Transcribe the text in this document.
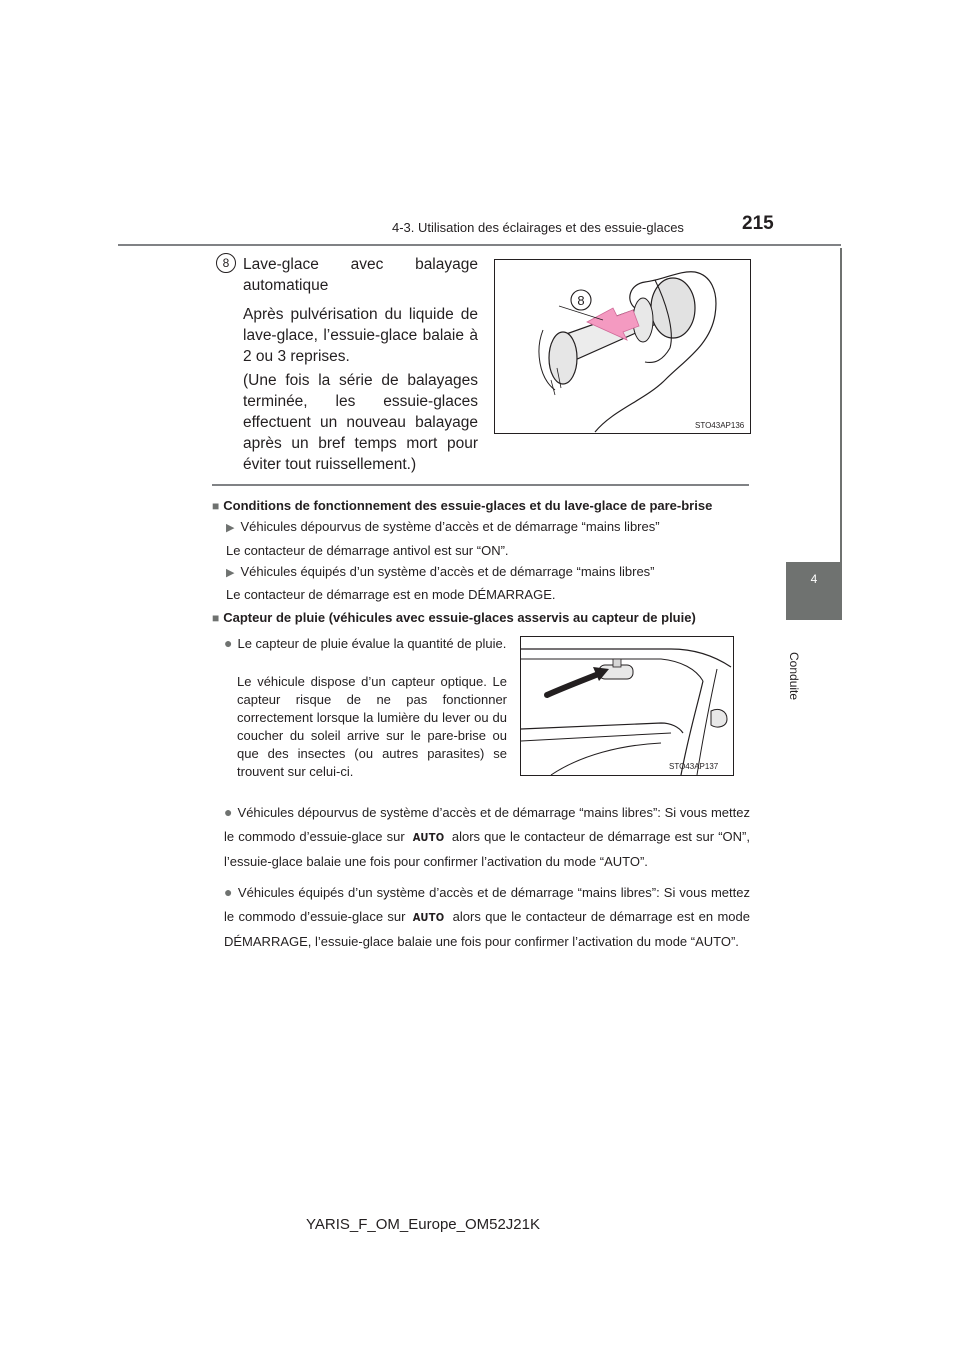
4-3. Utilisation des éclairages et des essuie-glaces	215
4
Conduite
8 Lave-glace avec balayage automatique
Après pulvérisation du liquide de lave-glace, l’essuie-glace balaie à 2 ou 3 reprises.
(Une fois la série de balayages terminée, les essuie-glaces effectuent un nouveau balayage après un bref temps mort pour éviter tout ruissellement.)
8
STO43AP136
■ Conditions de fonctionnement des essuie-glaces et du lave-glace de pare-brise
▶ Véhicules dépourvus de système d’accès et de démarrage “mains libres”
Le contacteur de démarrage antivol est sur “ON”.
▶ Véhicules équipés d’un système d’accès et de démarrage “mains libres”
Le contacteur de démarrage est en mode DÉMARRAGE.
■ Capteur de pluie (véhicules avec essuie-glaces asservis au capteur de pluie)
● Le capteur de pluie évalue la quantité de pluie.
Le véhicule dispose d’un capteur optique. Le capteur risque de ne pas fonctionner correctement lorsque la lumière du lever ou du coucher du soleil arrive sur le pare-brise ou que des insectes (ou autres parasites) se trouvent sur celui-ci.	STO43AP137
● Véhicules dépourvus de système d’accès et de démarrage “mains libres”: Si vous mettez le commodo d’essuie-glace sur AUTO alors que le contacteur de démarrage est sur “ON”, l’essuie-glace balaie une fois pour confirmer l’activation du mode “AUTO”.
● Véhicules équipés d’un système d’accès et de démarrage “mains libres”: Si vous mettez le commodo d’essuie-glace sur AUTO alors que le contacteur de démarrage est en mode DÉMARRAGE, l’essuie-glace balaie une fois pour confirmer l’activation du mode “AUTO”.
YARIS_F_OM_Europe_OM52J21K
